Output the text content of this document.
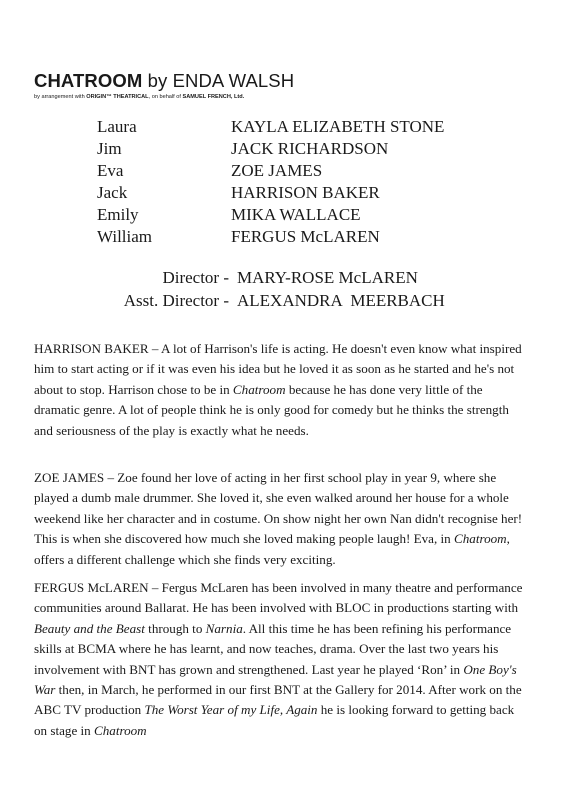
CHATROOM by ENDA WALSH
by arrangement with ORIGIN™ THEATRICAL, on behalf of SAMUEL FRENCH, Ltd.
Laura	KAYLA ELIZABETH STONE
Jim	JACK RICHARDSON
Eva	ZOE JAMES
Jack	HARRISON BAKER
Emily	MIKA WALLACE
William	FERGUS McLAREN
Director - MARY-ROSE McLAREN
Asst. Director - ALEXANDRA  MEERBACH

HARRISON BAKER – A lot of Harrison's life is acting. He doesn't even know what inspired him to start acting or if it was even his idea but he loved it as soon as he started and he's not about to stop. Harrison chose to be in Chatroom because he has done very little of the dramatic genre. A lot of people think he is only good for comedy but he thinks the strength and seriousness of the play is exactly what he needs.

ZOE JAMES – Zoe found her love of acting in her first school play in year 9, where she played a dumb male drummer. She loved it, she even walked around her house for a whole weekend like her character and in costume. On show night her own Nan didn't recognise her! This is when she discovered how much she loved making people laugh! Eva, in Chatroom, offers a different challenge which she finds very exciting.

FERGUS McLAREN – Fergus McLaren has been involved in many theatre and performance communities around Ballarat. He has been involved with BLOC in productions starting with Beauty and the Beast through to Narnia. All this time he has been refining his performance skills at BCMA where he has learnt, and now teaches, drama. Over the last two years his involvement with BNT has grown and strengthened. Last year he played ‘Ron’ in One Boy's War then, in March, he performed in our first BNT at the Gallery for 2014. After work on the ABC TV production The Worst Year of my Life, Again he is looking forward to getting back on stage in Chatroom
